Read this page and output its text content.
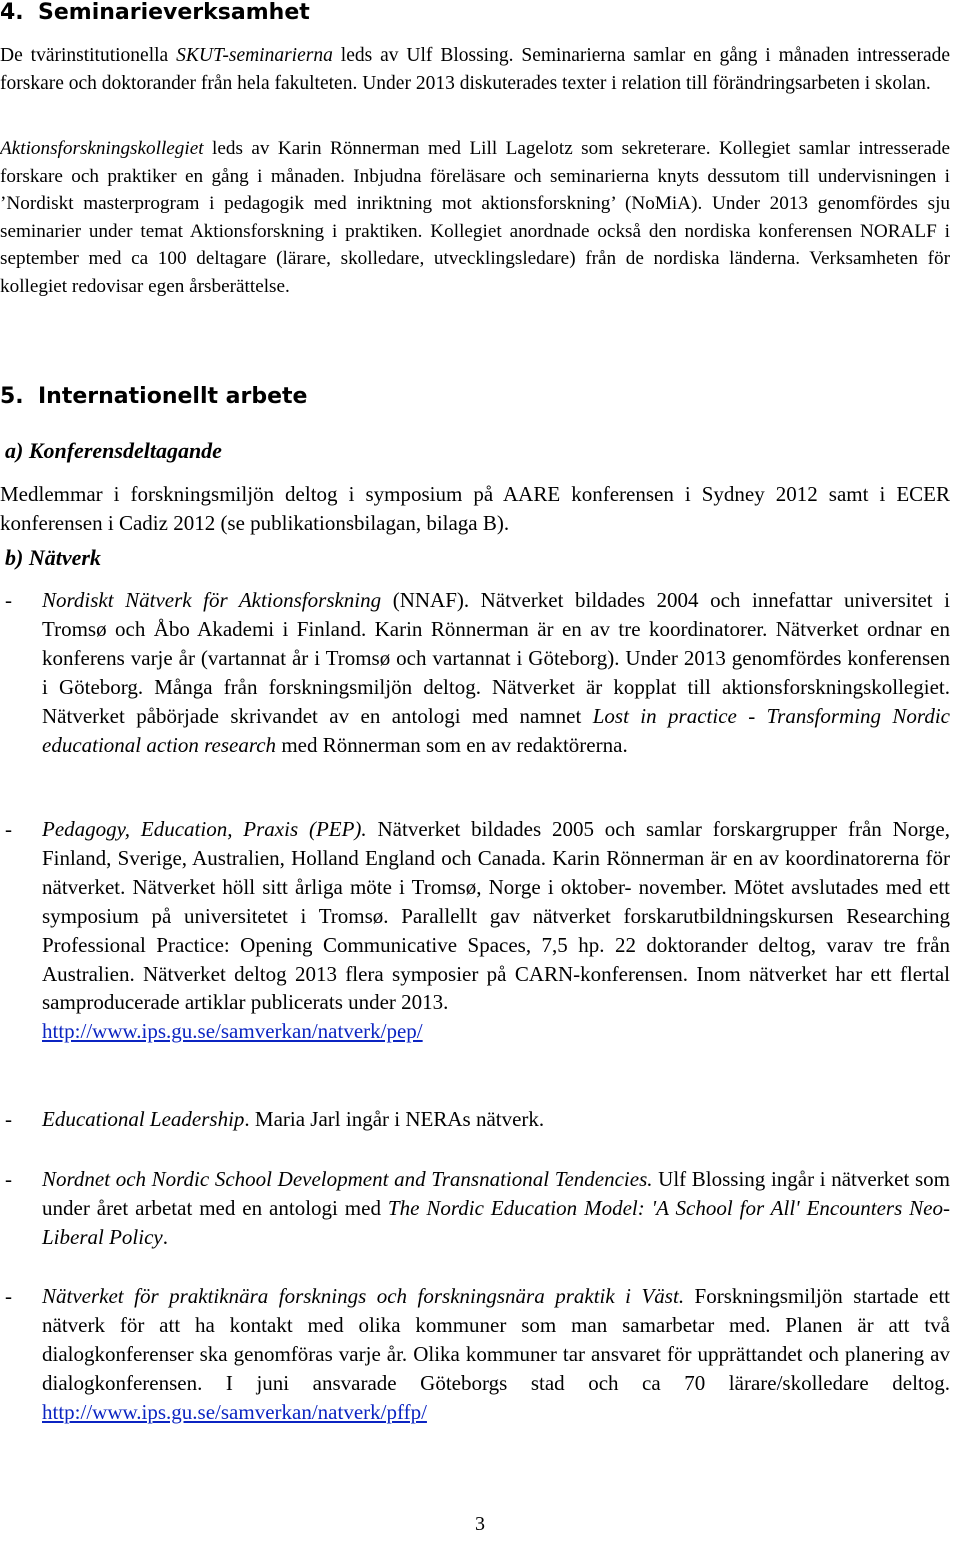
4. Seminarieverksamhet

De tvärinstitutionella SKUT-seminarierna leds av Ulf Blossing. Seminarierna samlar en gång i månaden intresserade forskare och doktorander från hela fakulteten. Under 2013 diskuterades texter i relation till förändringsarbeten i skolan.

Aktionsforskningskollegiet leds av Karin Rönnerman med Lill Lagelotz som sekreterare. Kollegiet samlar intresserade forskare och praktiker en gång i månaden. Inbjudna föreläsare och seminarierna knyts dessutom till undervisningen i ’Nordiskt masterprogram i pedagogik med inriktning mot aktionsforskning’ (NoMiA). Under 2013 genomfördes sju seminarier under temat Aktionsforskning i praktiken. Kollegiet anordnade också den nordiska konferensen NORALF i september med ca 100 deltagare (lärare, skolledare, utvecklingsledare) från de nordiska länderna. Verksamheten för kollegiet redovisar egen årsberättelse.

5. Internationellt arbete
a) Konferensdeltagande

Medlemmar i forskningsmiljön deltog i symposium på AARE konferensen i Sydney 2012 samt i ECER konferensen i Cadiz 2012 (se publikationsbilagan, bilaga B).

b) Nätverk
- Nordiskt Nätverk för Aktionsforskning (NNAF). Nätverket bildades 2004 och innefattar universitet i Tromsø och Åbo Akademi i Finland. Karin Rönnerman är en av tre koordinatorer. Nätverket ordnar en konferens varje år (vartannat år i Tromsø och vartannat i Göteborg). Under 2013 genomfördes konferensen i Göteborg. Många från forskningsmiljön deltog. Nätverket är kopplat till aktionsforskningskollegiet. Nätverket påbörjade skrivandet av en antologi med namnet Lost in practice - Transforming Nordic educational action research med Rönnerman som en av redaktörerna.
- Pedagogy, Education, Praxis (PEP). Nätverket bildades 2005 och samlar forskargrupper från Norge, Finland, Sverige, Australien, Holland England och Canada. Karin Rönnerman är en av koordinatorerna för nätverket. Nätverket höll sitt årliga möte i Tromsø, Norge i oktober- november. Mötet avslutades med ett symposium på universitetet i Tromsø. Parallellt gav nätverket forskarutbildningskursen Researching Professional Practice: Opening Communicative Spaces, 7,5 hp. 22 doktorander deltog, varav tre från Australien. Nätverket deltog 2013 flera symposier på CARN-konferensen. Inom nätverket har ett flertal samproducerade artiklar publicerats under 2013.
http://www.ips.gu.se/samverkan/natverk/pep/
- Educational Leadership. Maria Jarl ingår i NERAs nätverk.
- Nordnet och Nordic School Development and Transnational Tendencies. Ulf Blossing ingår i nätverket som under året arbetat med en antologi med The Nordic Education Model: 'A School for All' Encounters Neo-Liberal Policy.
- Nätverket för praktiknära forsknings och forskningsnära praktik i Väst. Forskningsmiljön startade ett nätverk för att ha kontakt med olika kommuner som man samarbetar med. Planen är att två dialogkonferenser ska genomföras varje år. Olika kommuner tar ansvaret för upprättandet och planering av dialogkonferensen. I juni ansvarade Göteborgs stad och ca 70 lärare/skolledare deltog. http://www.ips.gu.se/samverkan/natverk/pffp/
3
